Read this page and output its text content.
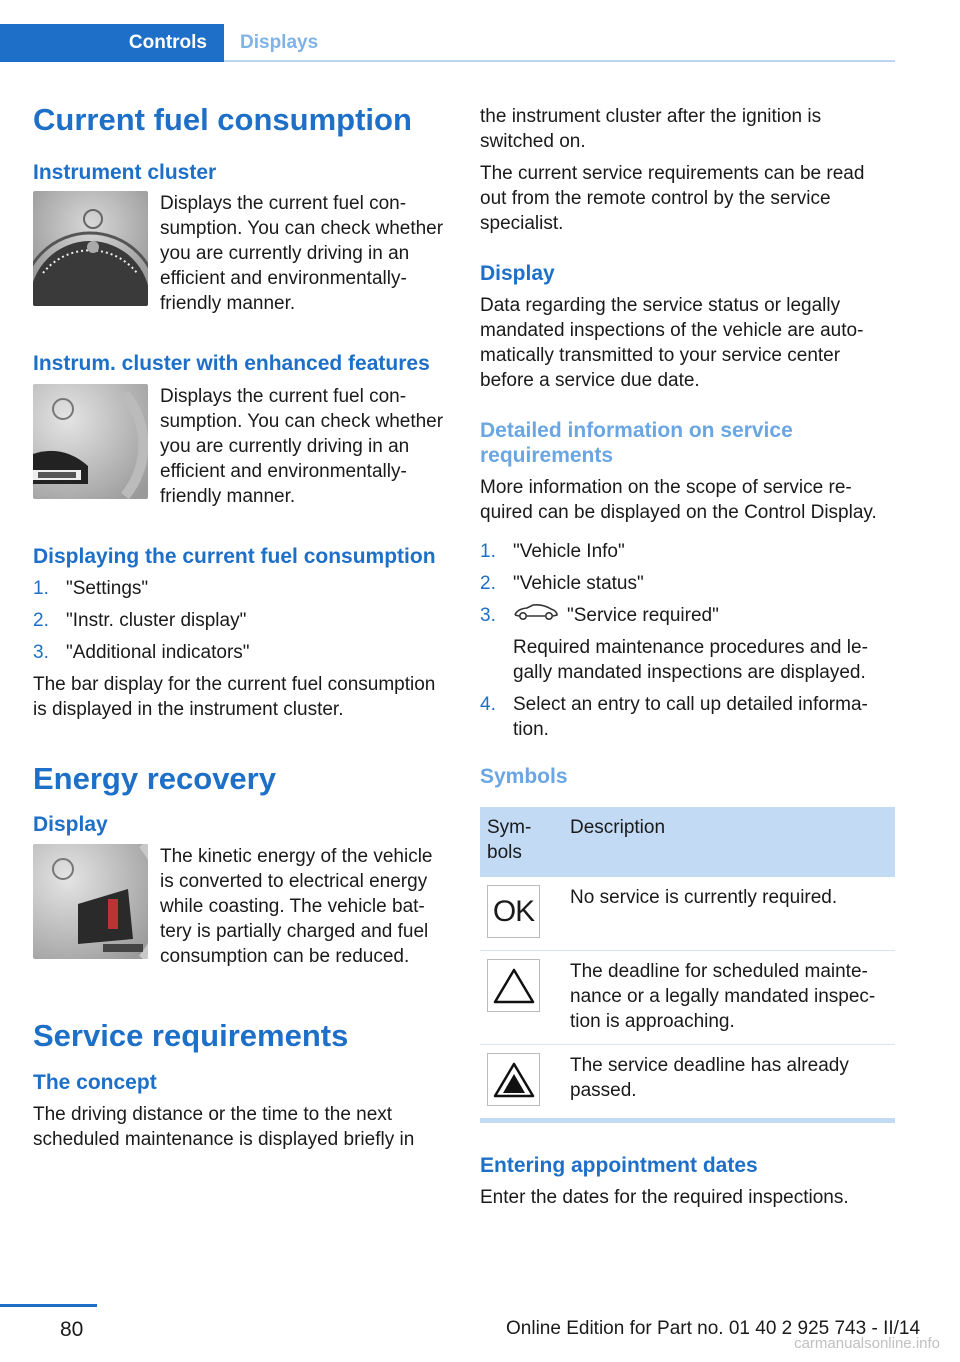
Controls	Displays
Current fuel consumption
Instrument cluster
Displays the current fuel consumption. You can check whether you are currently driving in an efficient and environmentally-friendly manner.
Instrum. cluster with enhanced features
Displays the current fuel consumption. You can check whether you are currently driving in an efficient and environmentally-friendly manner.
Displaying the current fuel consumption
1. "Settings"
2. "Instr. cluster display"
3. "Additional indicators"

The bar display for the current fuel consumption is displayed in the instrument cluster.

Energy recovery
Display
The kinetic energy of the vehicle is converted to electrical energy while coasting. The vehicle battery is partially charged and fuel consumption can be reduced.
Service requirements
The concept

The driving distance or the time to the next scheduled maintenance is displayed briefly in

the instrument cluster after the ignition is switched on.

The current service requirements can be read out from the remote control by the service specialist.

Display

Data regarding the service status or legally mandated inspections of the vehicle are automatically transmitted to your service center before a service due date.

Detailed information on service requirements

More information on the scope of service required can be displayed on the Control Display.

1. "Vehicle Info"
2. "Vehicle status"
3.	"Service required"
Required maintenance procedures and legally mandated inspections are displayed.
4. Select an entry to call up detailed information.
Symbols
Symbols	Description

OK	No service is currently required.

	The deadline for scheduled maintenance or a legally mandated inspection is approaching.

	The service deadline has already passed.
Entering appointment dates

Enter the dates for the required inspections.

80	Online Edition for Part no. 01 40 2 925 743 - II/14
carmanualsonline.info
